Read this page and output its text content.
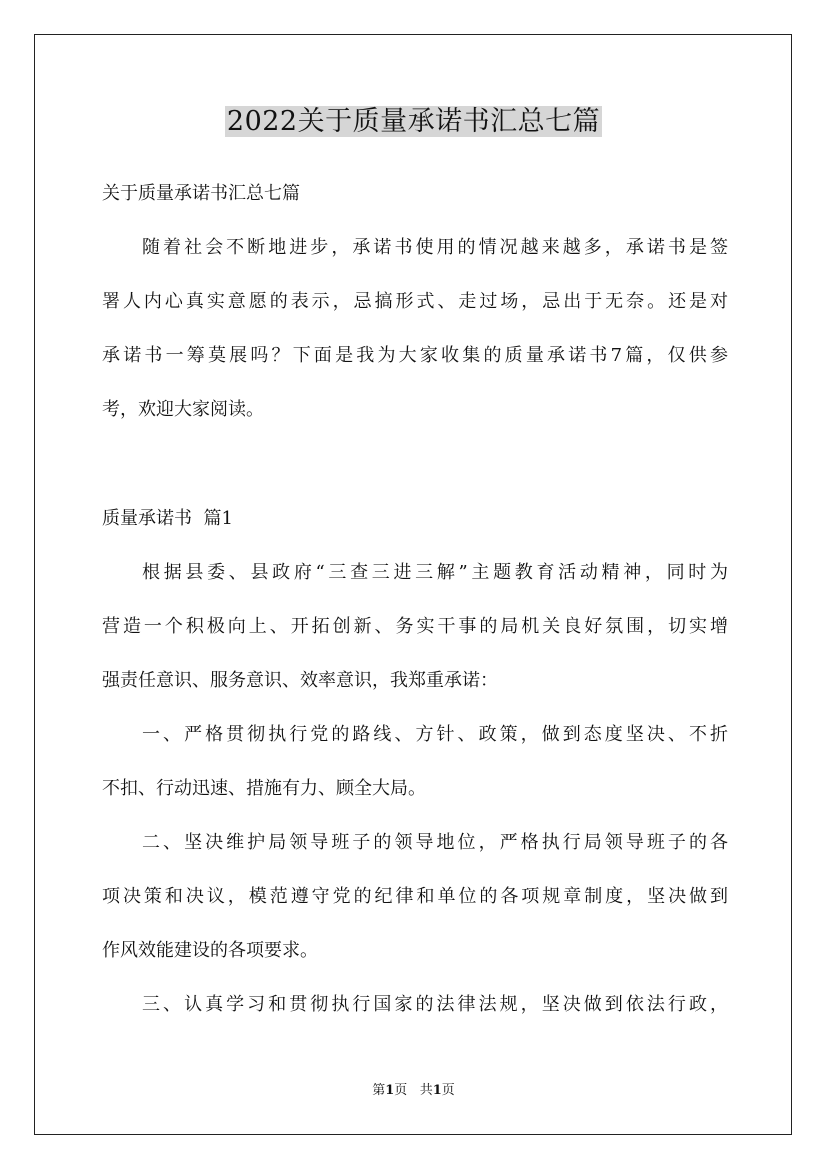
2022关于质量承诺书汇总七篇
关于质量承诺书汇总七篇
随着社会不断地进步，承诺书使用的情况越来越多，承诺书是签
署人内心真实意愿的表示，忌搞形式、走过场，忌出于无奈。还是对
承诺书一筹莫展吗？下面是我为大家收集的质量承诺书7篇，仅供参
考，欢迎大家阅读。
质量承诺书  篇1
根据县委、县政府“三查三进三解”主题教育活动精神，同时为
营造一个积极向上、开拓创新、务实干事的局机关良好氛围，切实增
强责任意识、服务意识、效率意识，我郑重承诺：
一、严格贯彻执行党的路线、方针、政策，做到态度坚决、不折
不扣、行动迅速、措施有力、顾全大局。
二、坚决维护局领导班子的领导地位，严格执行局领导班子的各
项决策和决议，模范遵守党的纪律和单位的各项规章制度，坚决做到
作风效能建设的各项要求。
三、认真学习和贯彻执行国家的法律法规，坚决做到依法行政，
第1页 共1页
